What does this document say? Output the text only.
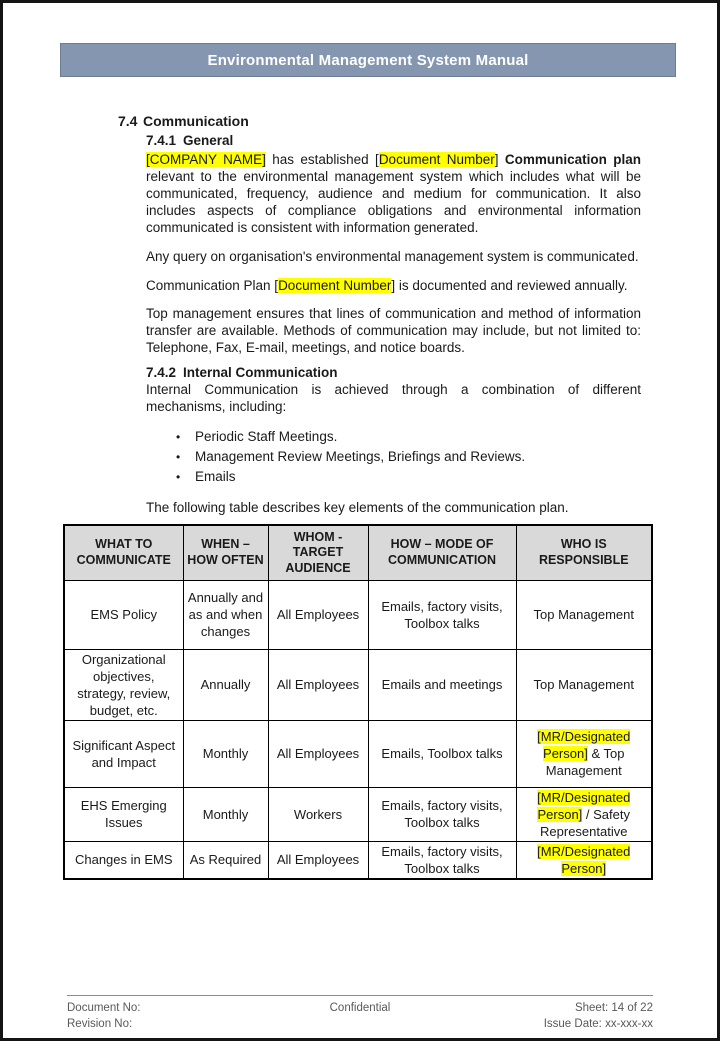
Environmental Management System Manual
7.4 Communication
7.4.1 General

[COMPANY NAME] has established [Document Number] Communication plan relevant to the environmental management system which includes what will be communicated, frequency, audience and medium for communication. It also includes aspects of compliance obligations and environmental information communicated is consistent with information generated.

Any query on organisation's environmental management system is communicated.

Communication Plan [Document Number] is documented and reviewed annually.

Top management ensures that lines of communication and method of information transfer are available. Methods of communication may include, but not limited to: Telephone, Fax, E-mail, meetings, and notice boards.

7.4.2 Internal Communication

Internal Communication is achieved through a combination of different mechanisms, including:

•	Periodic Staff Meetings.
•	Management Review Meetings, Briefings and Reviews.
•	Emails

The following table describes key elements of the communication plan.

WHAT TO COMMUNICATE	WHEN – HOW OFTEN	WHOM - TARGET AUDIENCE	HOW – MODE OF COMMUNICATION	WHO IS RESPONSIBLE
EMS Policy	Annually and as and when changes	All Employees	Emails, factory visits, Toolbox talks	Top Management
Organizational objectives, strategy, review, budget, etc.	Annually	All Employees	Emails and meetings	Top Management
Significant Aspect and Impact	Monthly	All Employees	Emails, Toolbox talks	[MR/Designated Person] & Top Management
EHS Emerging Issues	Monthly	Workers	Emails, factory visits, Toolbox talks	[MR/Designated Person] / Safety Representative
Changes in EMS	As Required	All Employees	Emails, factory visits, Toolbox talks	[MR/Designated Person]
Document No:
Revision No:
Confidential	Sheet: 14 of 22
Issue Date: xx-xxx-xx
